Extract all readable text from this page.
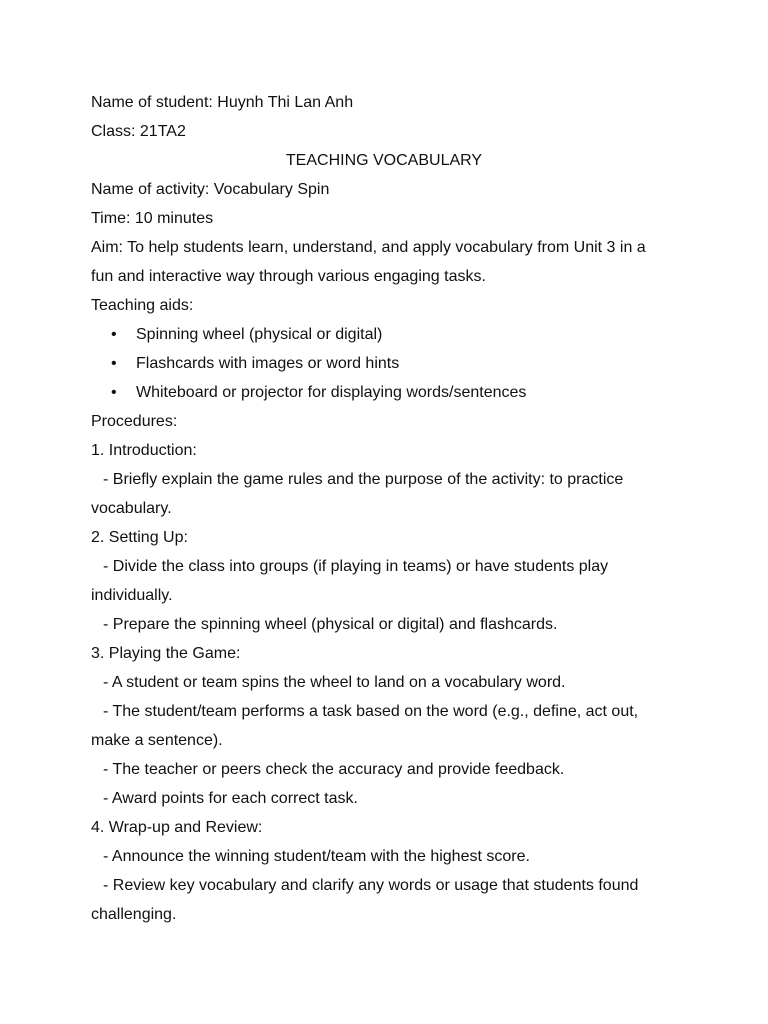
Name of student: Huynh Thi Lan Anh
Class: 21TA2
TEACHING VOCABULARY
Name of activity: Vocabulary Spin
Time: 10 minutes
Aim: To help students learn, understand, and apply vocabulary from Unit 3 in a
fun and interactive way through various engaging tasks.
Teaching aids:
• Spinning wheel (physical or digital)
• Flashcards with images or word hints
• Whiteboard or projector for displaying words/sentences
Procedures:
1. Introduction:
- Briefly explain the game rules and the purpose of the activity: to practice
vocabulary.
2. Setting Up:
- Divide the class into groups (if playing in teams) or have students play
individually.
- Prepare the spinning wheel (physical or digital) and flashcards.
3. Playing the Game:
- A student or team spins the wheel to land on a vocabulary word.
- The student/team performs a task based on the word (e.g., define, act out,
make a sentence).
- The teacher or peers check the accuracy and provide feedback.
- Award points for each correct task.
4. Wrap-up and Review:
- Announce the winning student/team with the highest score.
- Review key vocabulary and clarify any words or usage that students found
challenging.
